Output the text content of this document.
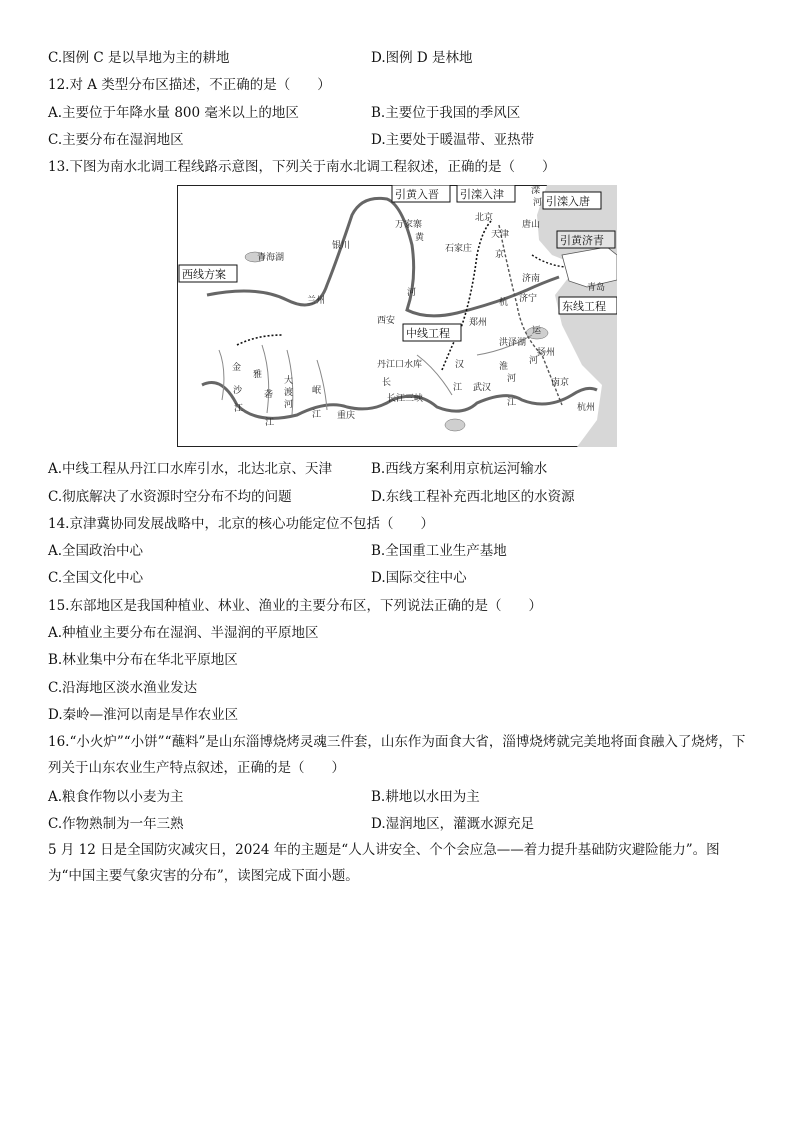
C.图例 C 是以旱地为主的耕地	D.图例 D 是林地
12.对 A 类型分布区描述，不正确的是（　　）
A.主要位于年降水量 800 毫米以上的地区	B.主要位于我国的季风区
C.主要分布在湿润地区	D.主要处于暖温带、亚热带
13.下图为南水北调工程线路示意图，下列关于南水北调工程叙述，正确的是（　　）
引黄入晋 引滦入津
引滦入唐
引黄济青
西线方案
中线工程
东线工程
万家寨
北京
天津
唐山
石家庄
银川
青海湖
兰州
西安	郑州
济南
济宁
青岛
洪泽湖
扬州
丹江口水库
武汉	南京
杭州
重庆
长江三峡
滦
河
黄
河
京
杭
运
河
金
沙
江
雅
砻
江
大
渡
河
岷
江
汉
江
淮
河
长
江
A.中线工程从丹江口水库引水，北达北京、天津	B.西线方案利用京杭运河输水
C.彻底解决了水资源时空分布不均的问题	D.东线工程补充西北地区的水资源
14.京津冀协同发展战略中，北京的核心功能定位不包括（　　）
A.全国政治中心	B.全国重工业生产基地
C.全国文化中心	D.国际交往中心
15.东部地区是我国种植业、林业、渔业的主要分布区，下列说法正确的是（　　）
A.种植业主要分布在湿润、半湿润的平原地区
B.林业集中分布在华北平原地区
C.沿海地区淡水渔业发达
D.秦岭—淮河以南是旱作农业区
16.“小火炉”“小饼”“蘸料”是山东淄博烧烤灵魂三件套，山东作为面食大省，淄博烧烤就完美地将面食融入了烧烤，下列关于山东农业生产特点叙述，正确的是（　　）
A.粮食作物以小麦为主	B.耕地以水田为主
C.作物熟制为一年三熟	D.湿润地区，灌溉水源充足
5 月 12 日是全国防灾减灾日，2024 年的主题是“人人讲安全、个个会应急——着力提升基础防灾避险能力”。图为“中国主要气象灾害的分布”，读图完成下面小题。
